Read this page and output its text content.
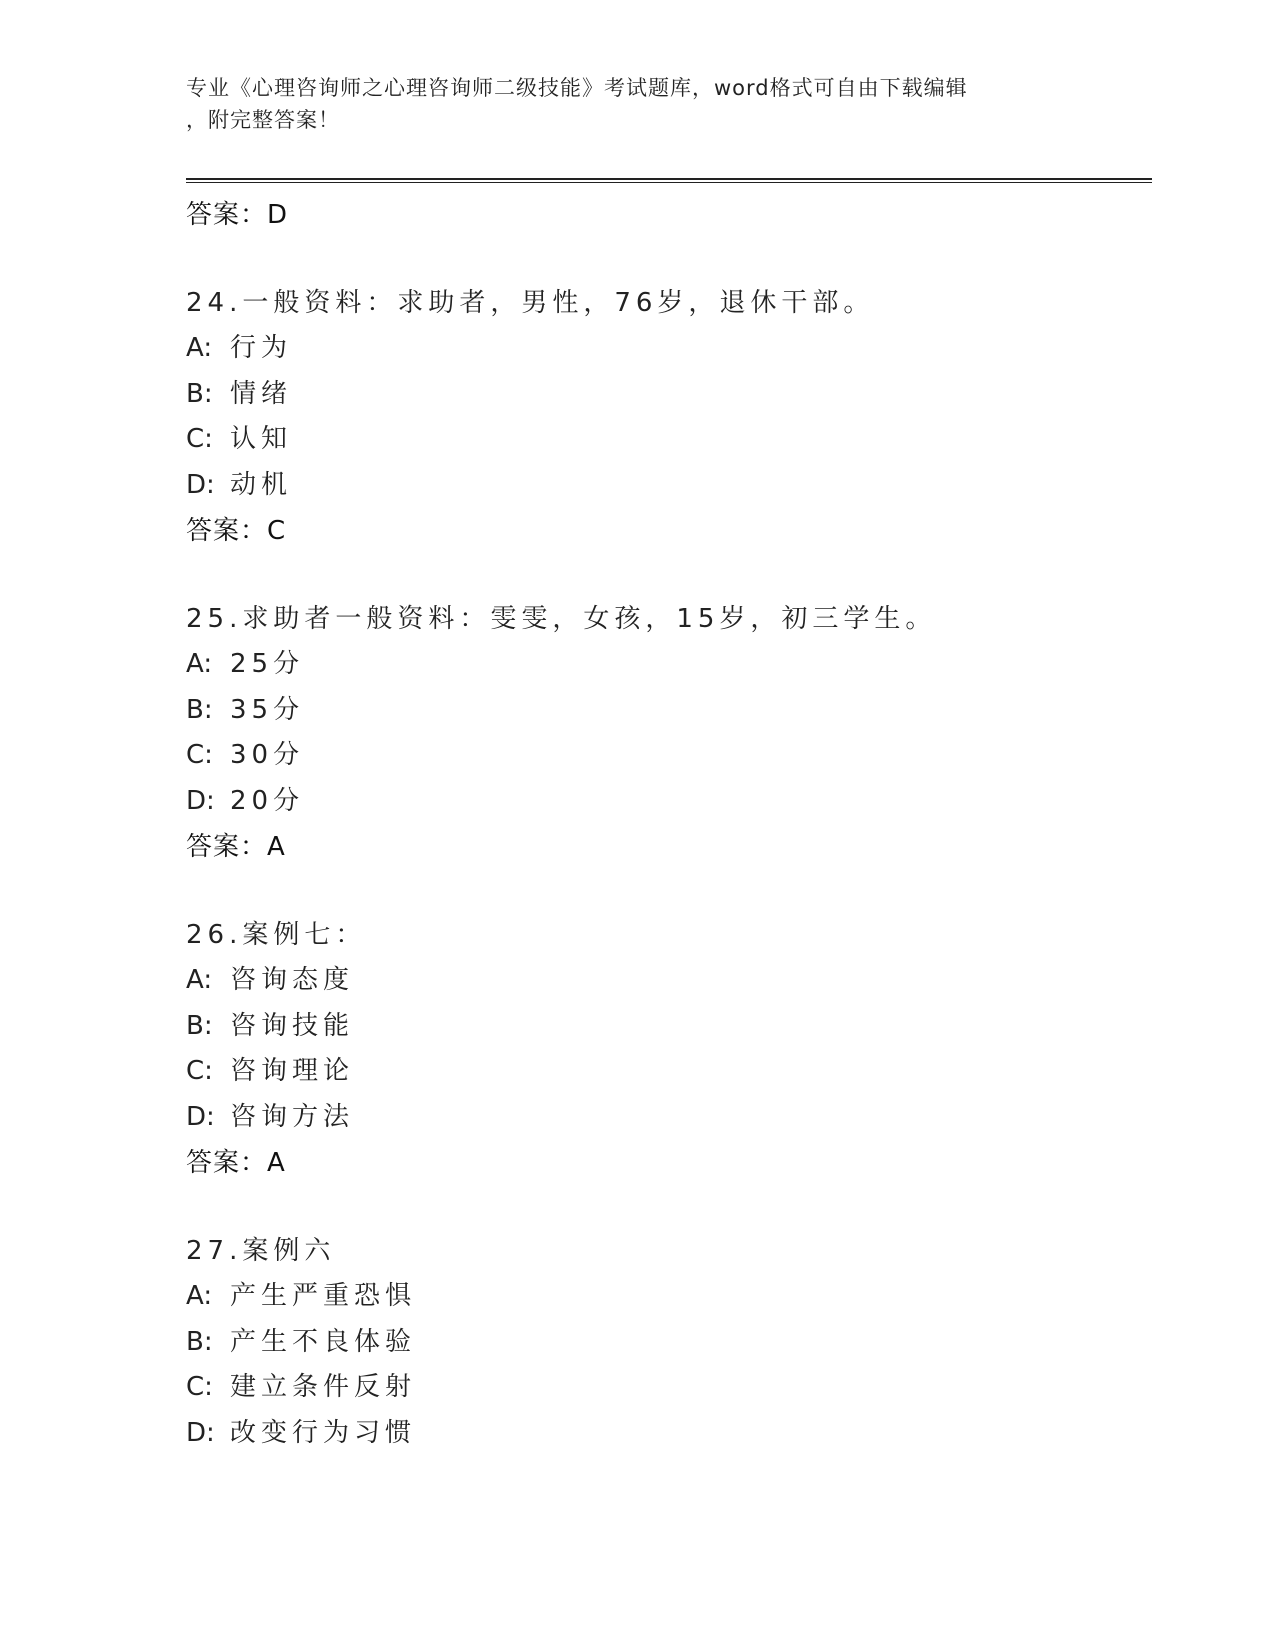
专业《心理咨询师之心理咨询师二级技能》考试题库，word格式可自由下载编辑
，附完整答案！
答案：D
24.一般资料：求助者，男性，76岁，退休干部。
A: 行为
B: 情绪
C: 认知
D: 动机
答案：C
25.求助者一般资料：雯雯，女孩，15岁，初三学生。
A: 25分
B: 35分
C: 30分
D: 20分
答案：A
26.案例七：
A: 咨询态度
B: 咨询技能
C: 咨询理论
D: 咨询方法
答案：A
27.案例六
A: 产生严重恐惧
B: 产生不良体验
C: 建立条件反射
D: 改变行为习惯
